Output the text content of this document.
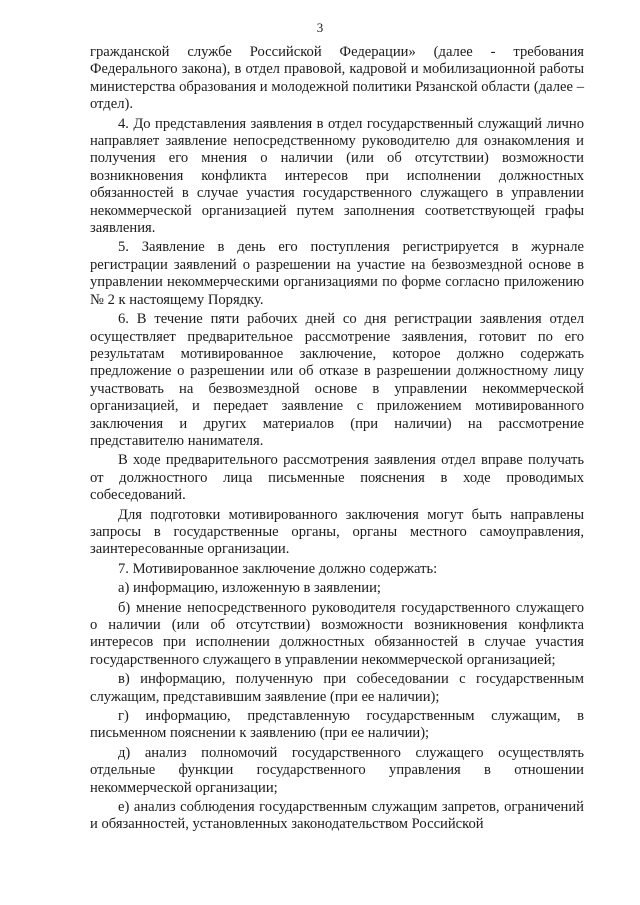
3

гражданской службе Российской Федерации» (далее - требования Федерального закона), в отдел правовой, кадровой и мобилизационной работы министерства образования и молодежной политики Рязанской области (далее – отдел).

4. До представления заявления в отдел государственный служащий лично направляет заявление непосредственному руководителю для ознакомления и получения его мнения о наличии (или об отсутствии) возможности возникновения конфликта интересов при исполнении должностных обязанностей в случае участия государственного служащего в управлении некоммерческой организацией путем заполнения соответствующей графы заявления.

5. Заявление в день его поступления регистрируется в журнале регистрации заявлений о разрешении на участие на безвозмездной основе в управлении некоммерческими организациями по форме согласно приложению № 2 к настоящему Порядку.

6. В течение пяти рабочих дней со дня регистрации заявления отдел осуществляет предварительное рассмотрение заявления, готовит по его результатам мотивированное заключение, которое должно содержать предложение о разрешении или об отказе в разрешении должностному лицу участвовать на безвозмездной основе в управлении некоммерческой организацией, и передает заявление с приложением мотивированного заключения и других материалов (при наличии) на рассмотрение представителю нанимателя.

В ходе предварительного рассмотрения заявления отдел вправе получать от должностного лица письменные пояснения в ходе проводимых собеседований.

Для подготовки мотивированного заключения могут быть направлены запросы в государственные органы, органы местного самоуправления, заинтересованные организации.

7. Мотивированное заключение должно содержать:

а) информацию, изложенную в заявлении;

б) мнение непосредственного руководителя государственного служащего о наличии (или об отсутствии) возможности возникновения конфликта интересов при исполнении должностных обязанностей в случае участия государственного служащего в управлении некоммерческой организацией;

в) информацию, полученную при собеседовании с государственным служащим, представившим заявление (при ее наличии);

г) информацию, представленную государственным служащим, в письменном пояснении к заявлению (при ее наличии);

д) анализ полномочий государственного служащего осуществлять отдельные функции государственного управления в отношении некоммерческой организации;

е) анализ соблюдения государственным служащим запретов, ограничений и обязанностей, установленных законодательством Российской
